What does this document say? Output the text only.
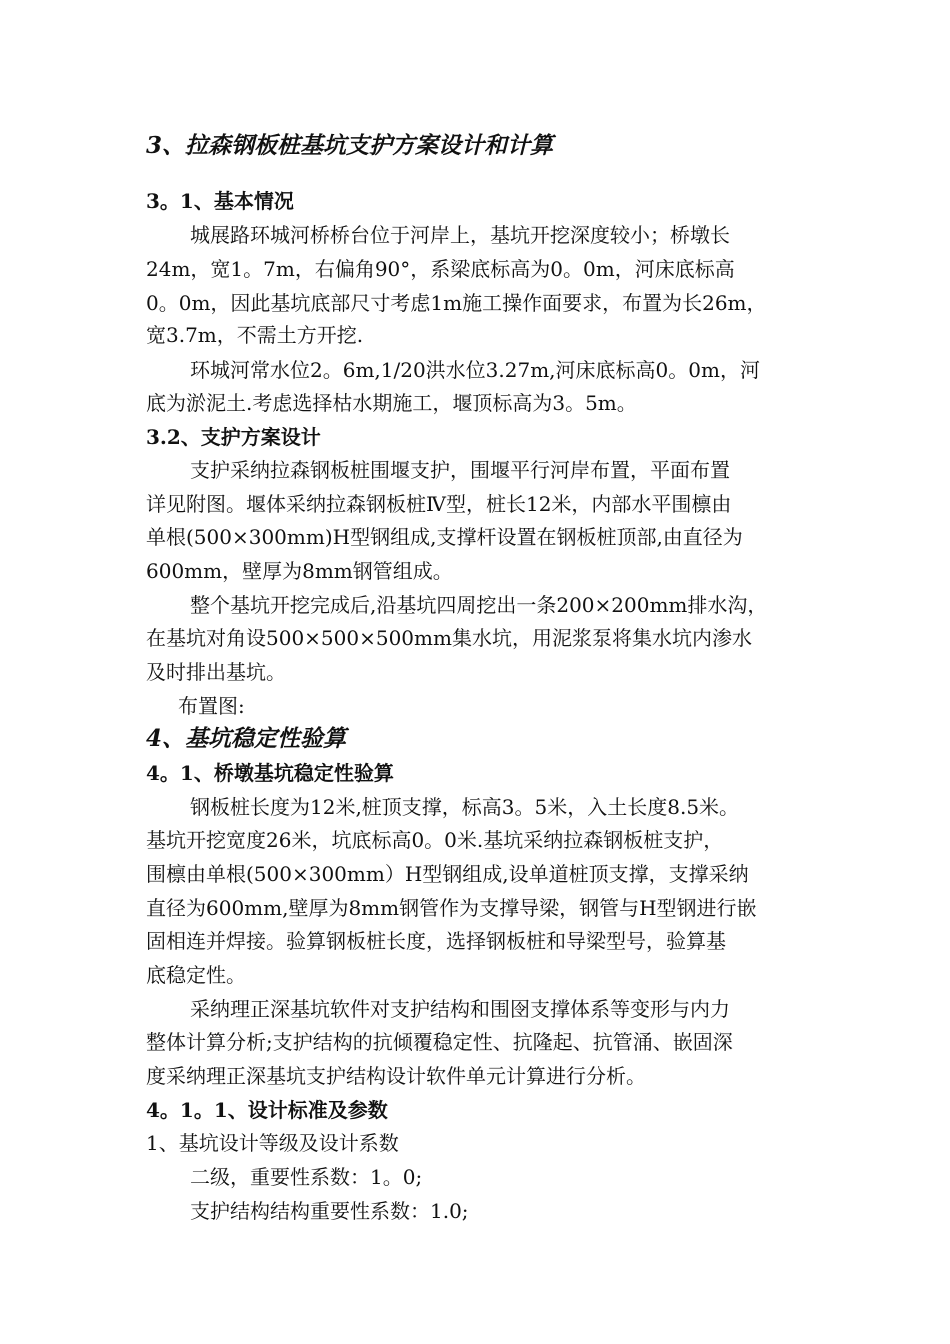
3、拉森钢板桩基坑支护方案设计和计算
3。1、基本情况
城展路环城河桥桥台位于河岸上，基坑开挖深度较小；桥墩长
24m，宽1。7m，右偏角90°，系梁底标高为0。0m，河床底标高
0。0m，因此基坑底部尺寸考虑1m施工操作面要求，布置为长26m，
宽3.7m，不需土方开挖.
环城河常水位2。6m,1/20洪水位3.27m,河床底标高0。0m，河
底为淤泥土.考虑选择枯水期施工，堰顶标高为3。5m。
3.2、支护方案设计
支护采纳拉森钢板桩围堰支护，围堰平行河岸布置，平面布置
详见附图。堰体采纳拉森钢板桩Ⅳ型，桩长12米，内部水平围檩由
单根(500×300mm)H型钢组成,支撑杆设置在钢板桩顶部,由直径为
600mm，壁厚为8mm钢管组成。
整个基坑开挖完成后,沿基坑四周挖出一条200×200mm排水沟，
在基坑对角设500×500×500mm集水坑，用泥浆泵将集水坑内渗水
及时排出基坑。
布置图:
4、基坑稳定性验算
4。1、桥墩基坑稳定性验算
钢板桩长度为12米,桩顶支撑，标高3。5米，入土长度8.5米。
基坑开挖宽度26米，坑底标高0。0米.基坑采纳拉森钢板桩支护，
围檩由单根(500×300mm）H型钢组成,设单道桩顶支撑，支撑采纳
直径为600mm,壁厚为8mm钢管作为支撑导梁，钢管与H型钢进行嵌
固相连并焊接。验算钢板桩长度，选择钢板桩和导梁型号，验算基
底稳定性。
采纳理正深基坑软件对支护结构和围囹支撑体系等变形与内力
整体计算分析;支护结构的抗倾覆稳定性、抗隆起、抗管涌、嵌固深
度采纳理正深基坑支护结构设计软件单元计算进行分析。
4。1。1、设计标准及参数
1、基坑设计等级及设计系数
二级，重要性系数：1。0;
支护结构结构重要性系数：1.0;
